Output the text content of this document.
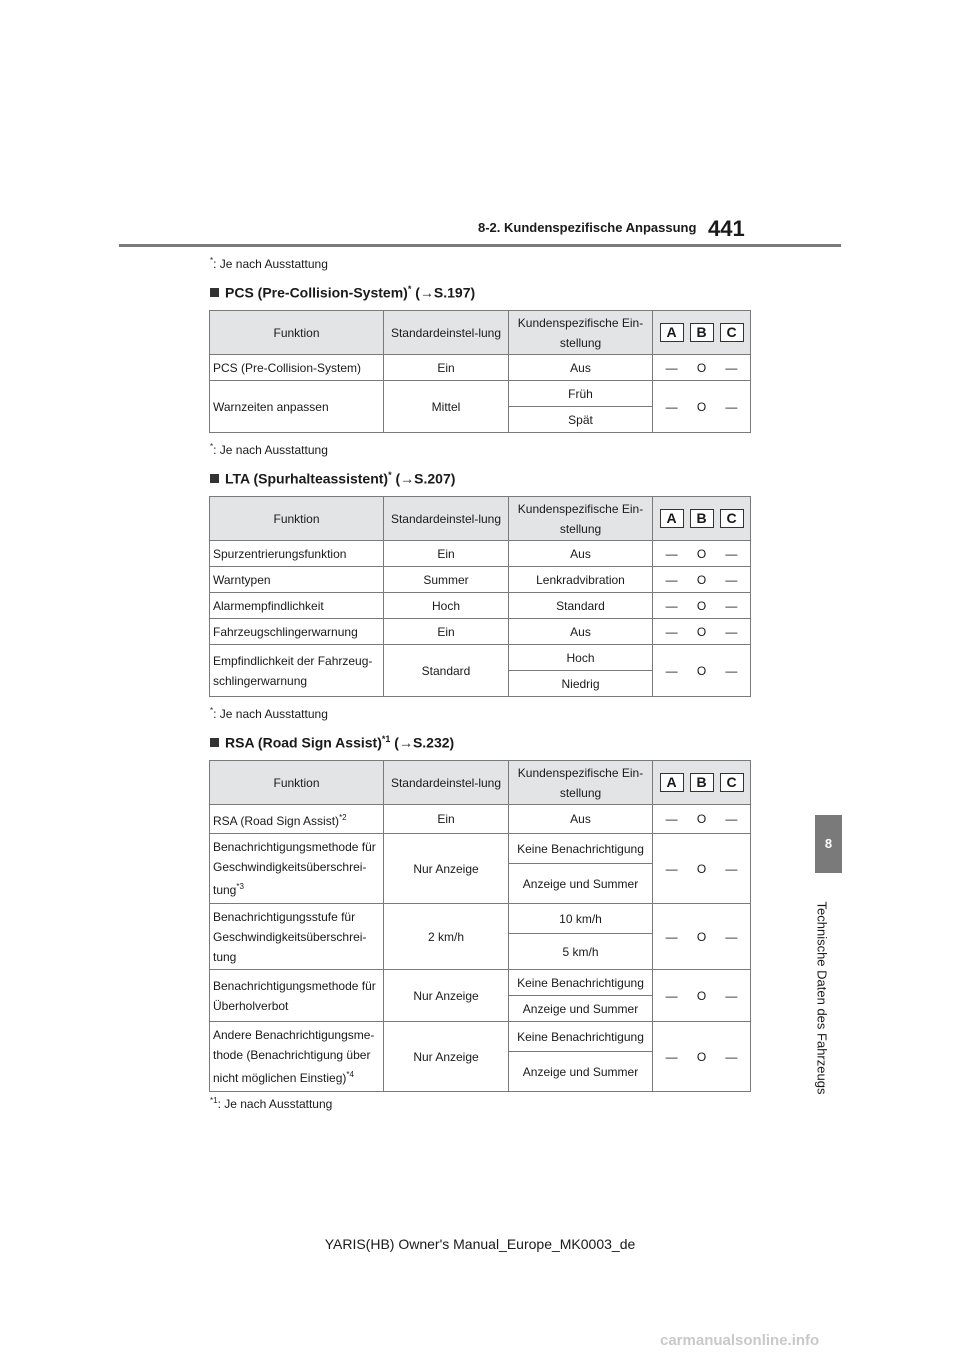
8-2. Kundenspezifische Anpassung 441
8
Technische Daten des Fahrzeugs
*: Je nach Ausstattung
PCS (Pre-Collision-System)* (→S.197)
Funktion	Standardeinstel-lung	Kundenspezifische Ein-stellung	A B C

PCS (Pre-Collision-System)	Ein	Aus	— O —

Warnzeiten anpassen	Mittel	Früh	— O —

		Spät	
*: Je nach Ausstattung
LTA (Spurhalteassistent)* (→S.207)
Funktion	Standardeinstel-lung	Kundenspezifische Ein-stellung	A B C

Spurzentrierungsfunktion	Ein	Aus	— O —

Warntypen	Summer	Lenkradvibration	— O —

Alarmempfindlichkeit	Hoch	Standard	— O —

Fahrzeugschlingerwarnung	Ein	Aus	— O —

Empfindlichkeit der Fahrzeug-schlingerwarnung	Standard	Hoch	— O —

		Niedrig	
*: Je nach Ausstattung
RSA (Road Sign Assist)$^{*1}$ (→S.232)
Funktion	Standardeinstel-lung	Kundenspezifische Ein-stellung	A B C

RSA (Road Sign Assist)$^{*2}$	Ein	Aus	— O —

Benachrichtigungsmethode für Geschwindigkeitsüberschrei-tung$^{*3}$	Nur Anzeige	Keine Benachrichtigung	— O —

		Anzeige und Summer	
Benachrichtigungsstufe für Geschwindigkeitsüberschrei-tung	2 km/h	10 km/h	— O —

		5 km/h	
Benachrichtigungsmethode für Überholverbot	Nur Anzeige	Keine Benachrichtigung	— O —

		Anzeige und Summer	
Andere Benachrichtigungsme-thode (Benachrichtigung über nicht möglichen Einstieg)$^{*4}$	Nur Anzeige	Keine Benachrichtigung	— O —

		Anzeige und Summer	
$^{*1}$: Je nach Ausstattung
YARIS(HB) Owner's Manual_Europe_MK0003_de
carmanualsonline.info
